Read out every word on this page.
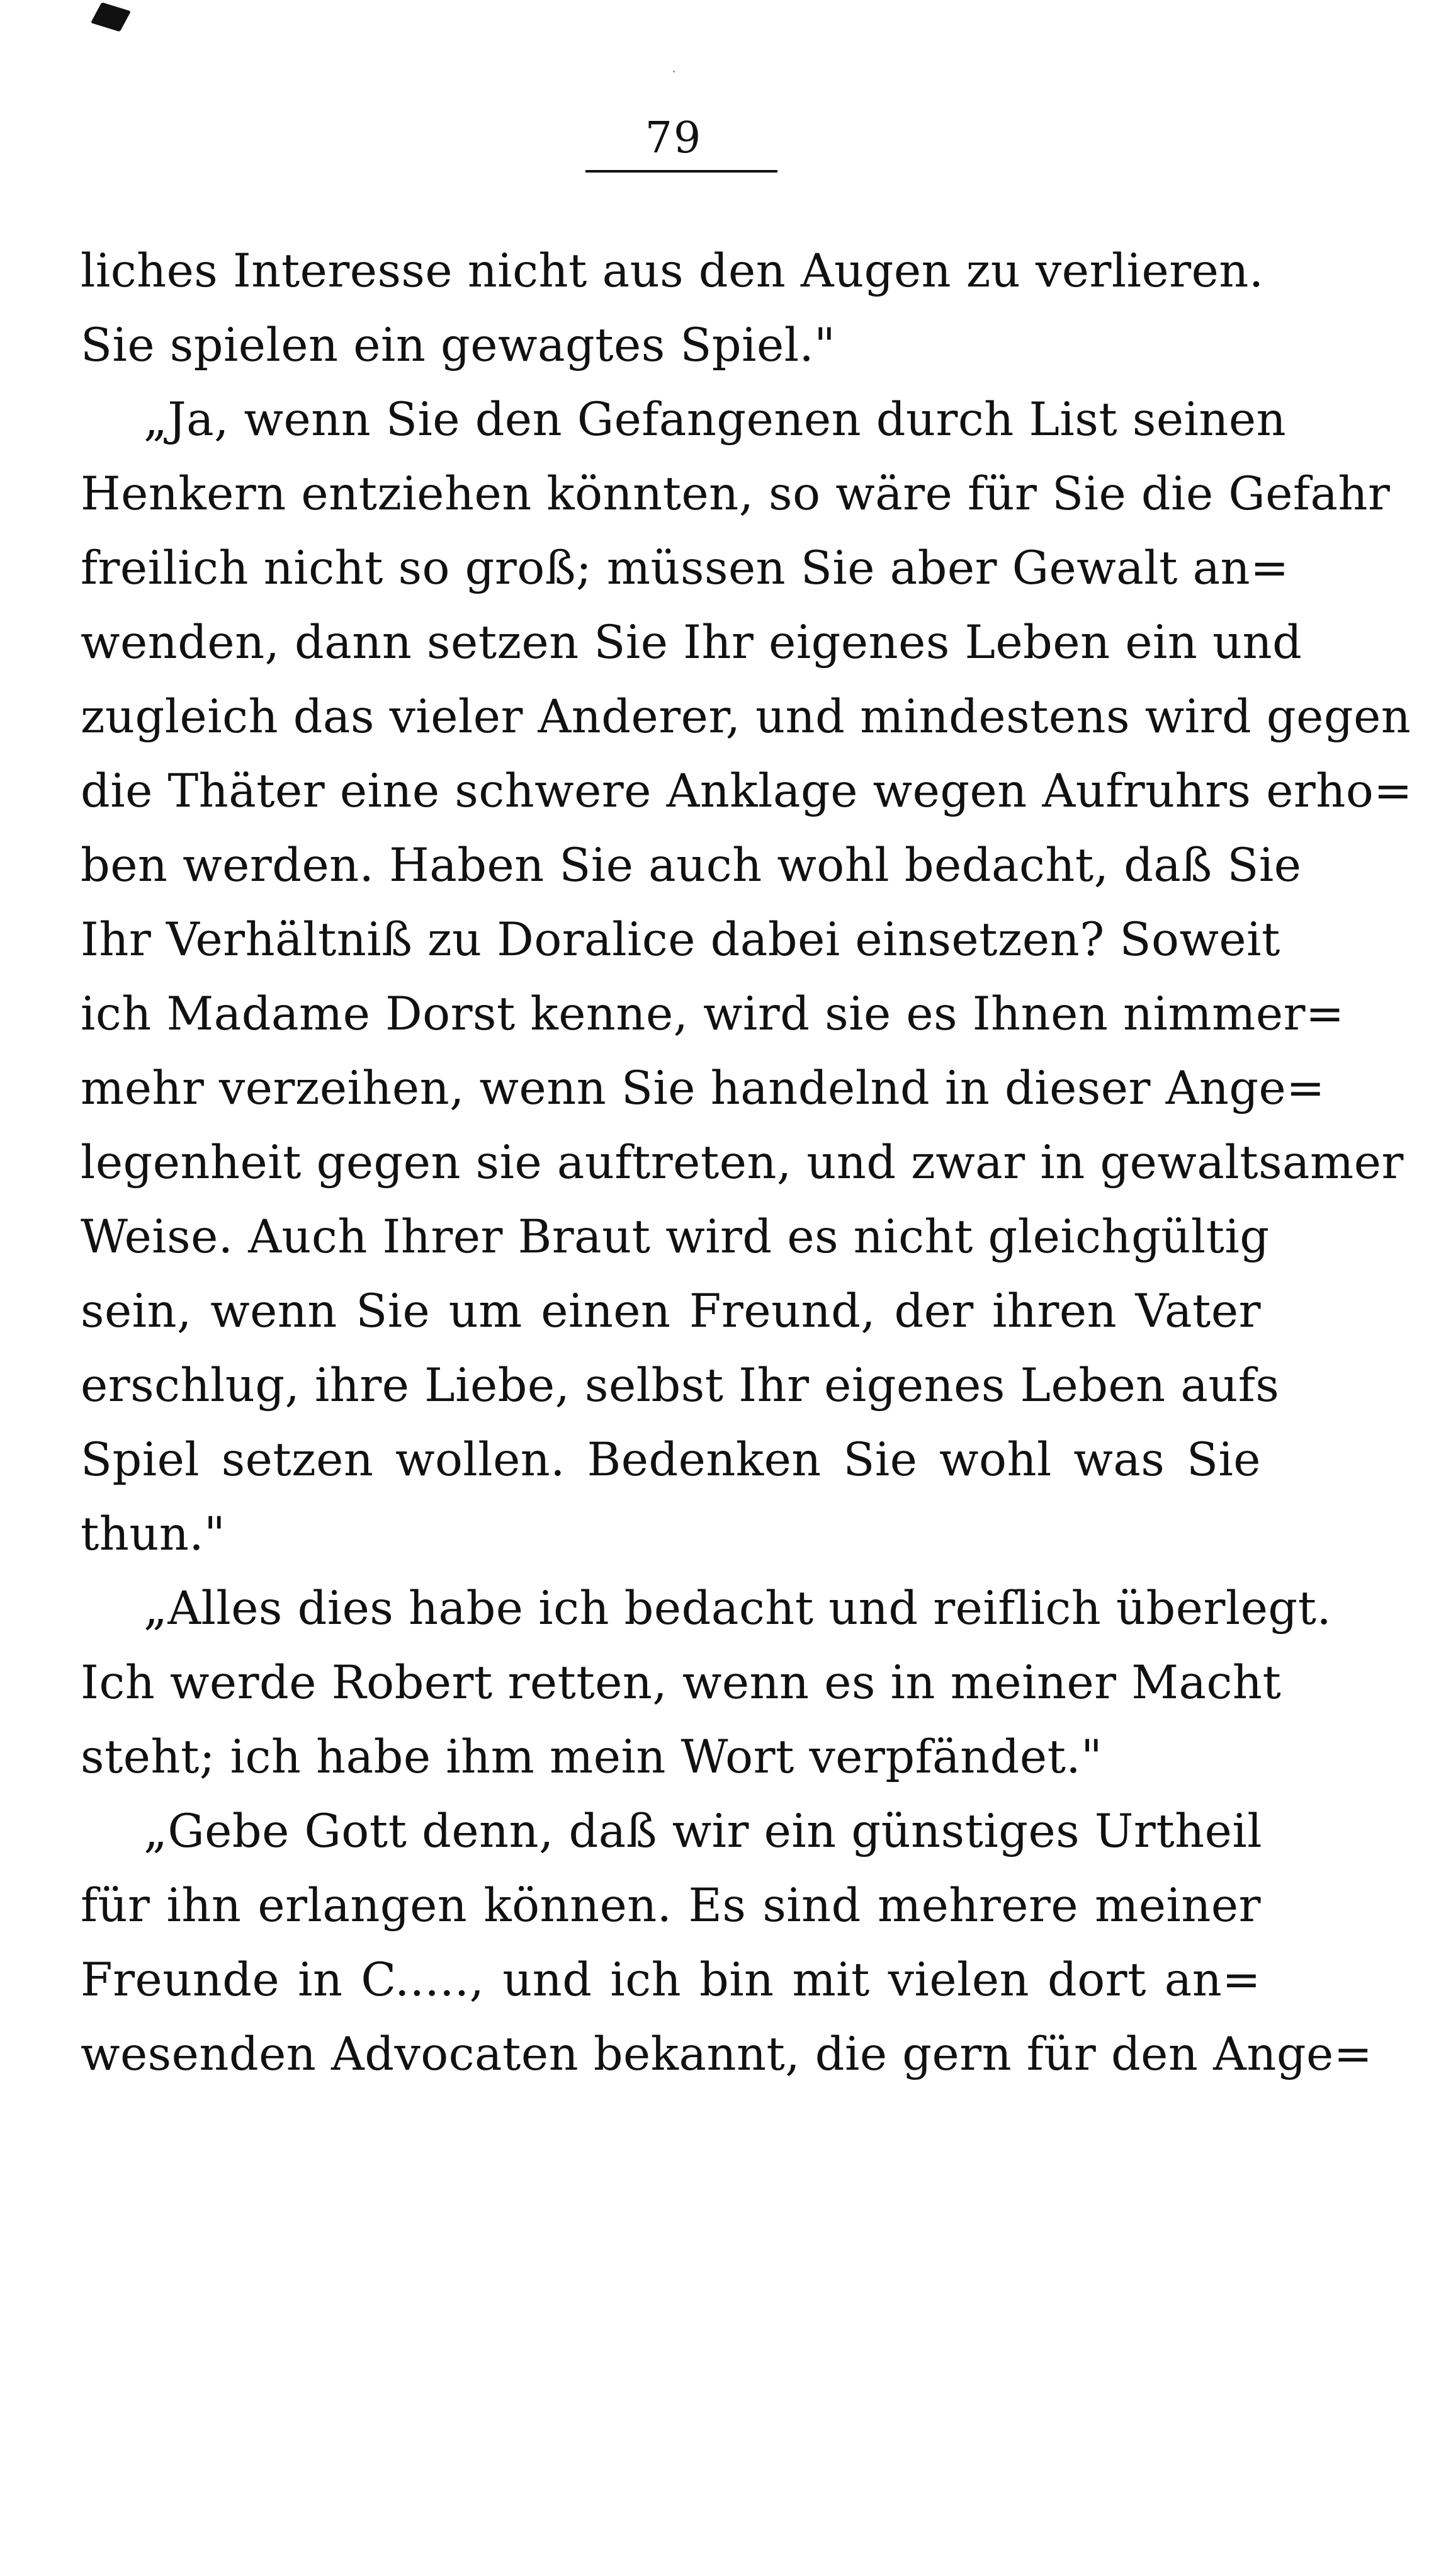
79
liches Interesse nicht aus den Augen zu verlieren.
Sie spielen ein gewagtes Spiel."
„Ja, wenn Sie den Gefangenen durch List seinen
Henkern entziehen könnten, so wäre für Sie die Gefahr
freilich nicht so groß; müssen Sie aber Gewalt an=
wenden, dann setzen Sie Ihr eigenes Leben ein und
zugleich das vieler Anderer, und mindestens wird gegen
die Thäter eine schwere Anklage wegen Aufruhrs erho=
ben werden. Haben Sie auch wohl bedacht, daß Sie
Ihr Verhältniß zu Doralice dabei einsetzen? Soweit
ich Madame Dorst kenne, wird sie es Ihnen nimmer=
mehr verzeihen, wenn Sie handelnd in dieser Ange=
legenheit gegen sie auftreten, und zwar in gewaltsamer
Weise. Auch Ihrer Braut wird es nicht gleichgültig
sein, wenn Sie um einen Freund, der ihren Vater
erschlug, ihre Liebe, selbst Ihr eigenes Leben aufs
Spiel setzen wollen. Bedenken Sie wohl was Sie
thun."
„Alles dies habe ich bedacht und reiflich überlegt.
Ich werde Robert retten, wenn es in meiner Macht
steht; ich habe ihm mein Wort verpfändet."
„Gebe Gott denn, daß wir ein günstiges Urtheil
für ihn erlangen können. Es sind mehrere meiner
Freunde in C....., und ich bin mit vielen dort an=
wesenden Advocaten bekannt, die gern für den Ange=
